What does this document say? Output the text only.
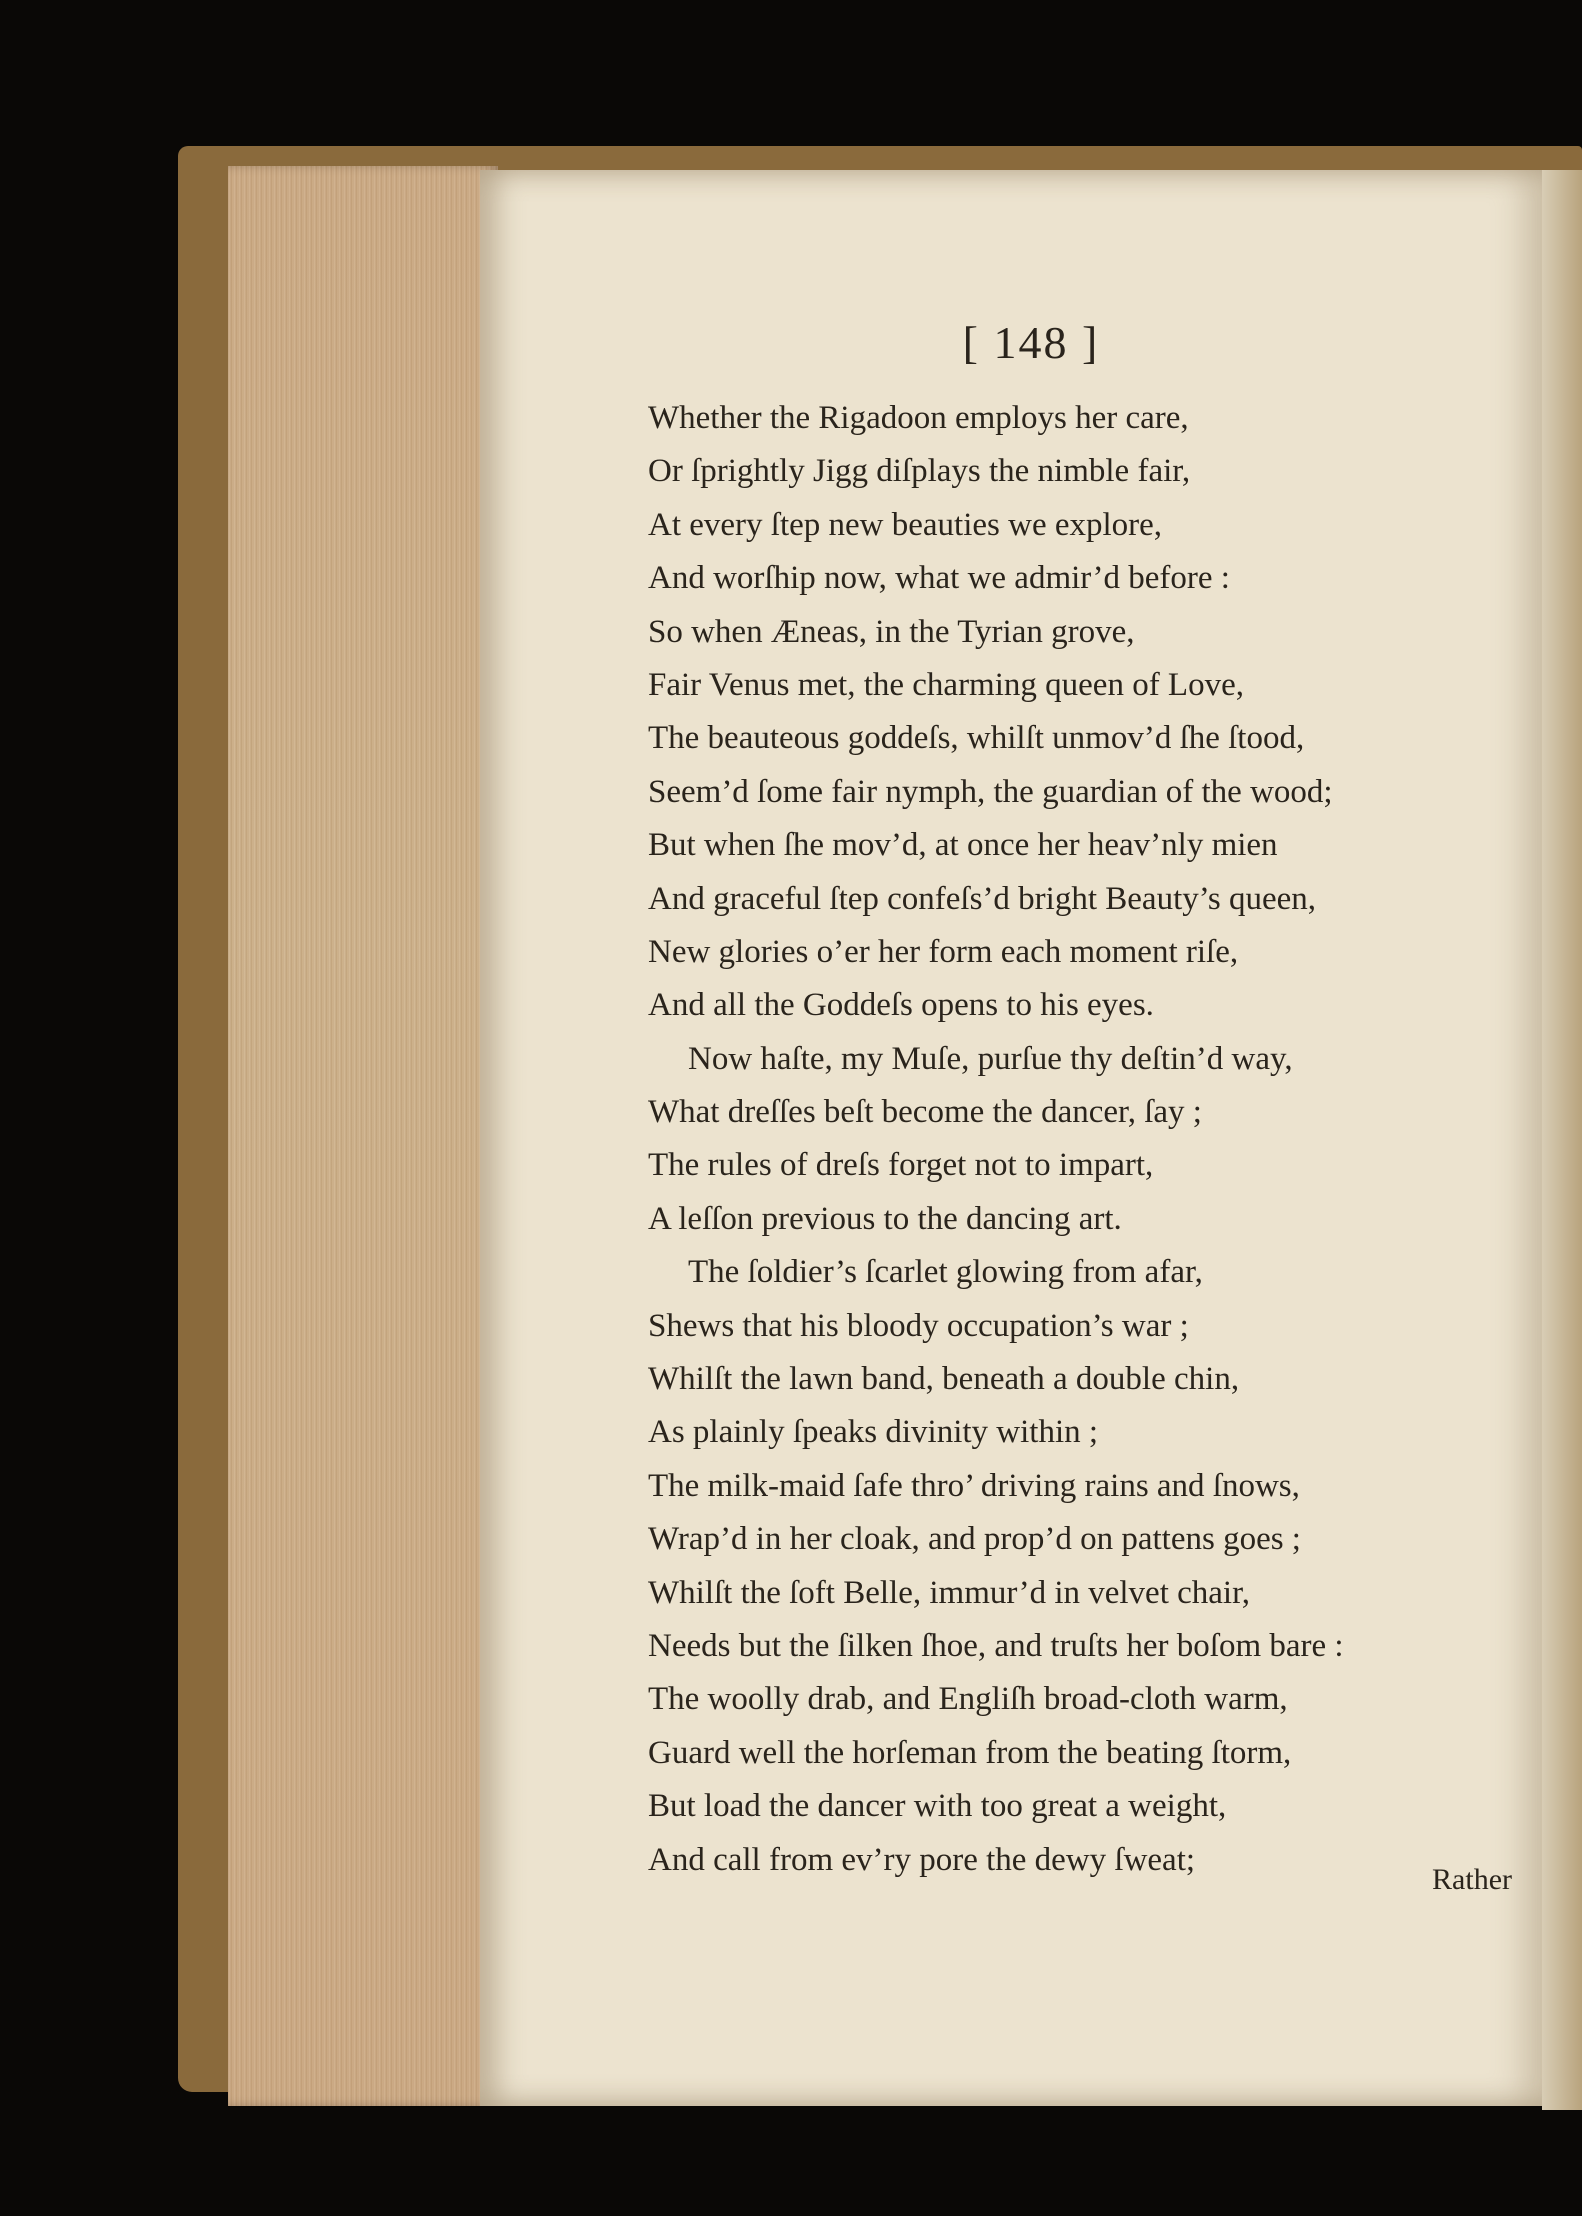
[ 148 ]
Whether the Rigadoon employs her care,
Or ſprightly Jigg diſplays the nimble fair,
At every ſtep new beauties we explore,
And worſhip now, what we admir’d before :
So when Æneas, in the Tyrian grove,
Fair Venus met, the charming queen of Love,
The beauteous goddeſs, whilſt unmov’d ſhe ſtood,
Seem’d ſome fair nymph, the guardian of the wood;
But when ſhe mov’d, at once her heav’nly mien
And graceful ſtep confeſs’d bright Beauty’s queen,
New glories o’er her form each moment riſe,
And all the Goddeſs opens to his eyes.
Now haſte, my Muſe, purſue thy deſtin’d way,
What dreſſes beſt become the dancer, ſay ;
The rules of dreſs forget not to impart,
A leſſon previous to the dancing art.
The ſoldier’s ſcarlet glowing from afar,
Shews that his bloody occupation’s war ;
Whilſt the lawn band, beneath a double chin,
As plainly ſpeaks divinity within ;
The milk-maid ſafe thro’ driving rains and ſnows,
Wrap’d in her cloak, and prop’d on pattens goes ;
Whilſt the ſoft Belle, immur’d in velvet chair,
Needs but the ſilken ſhoe, and truſts her boſom bare :
The woolly drab, and Engliſh broad-cloth warm,
Guard well the horſeman from the beating ſtorm,
But load the dancer with too great a weight,
And call from ev’ry pore the dewy ſweat;
Rather
